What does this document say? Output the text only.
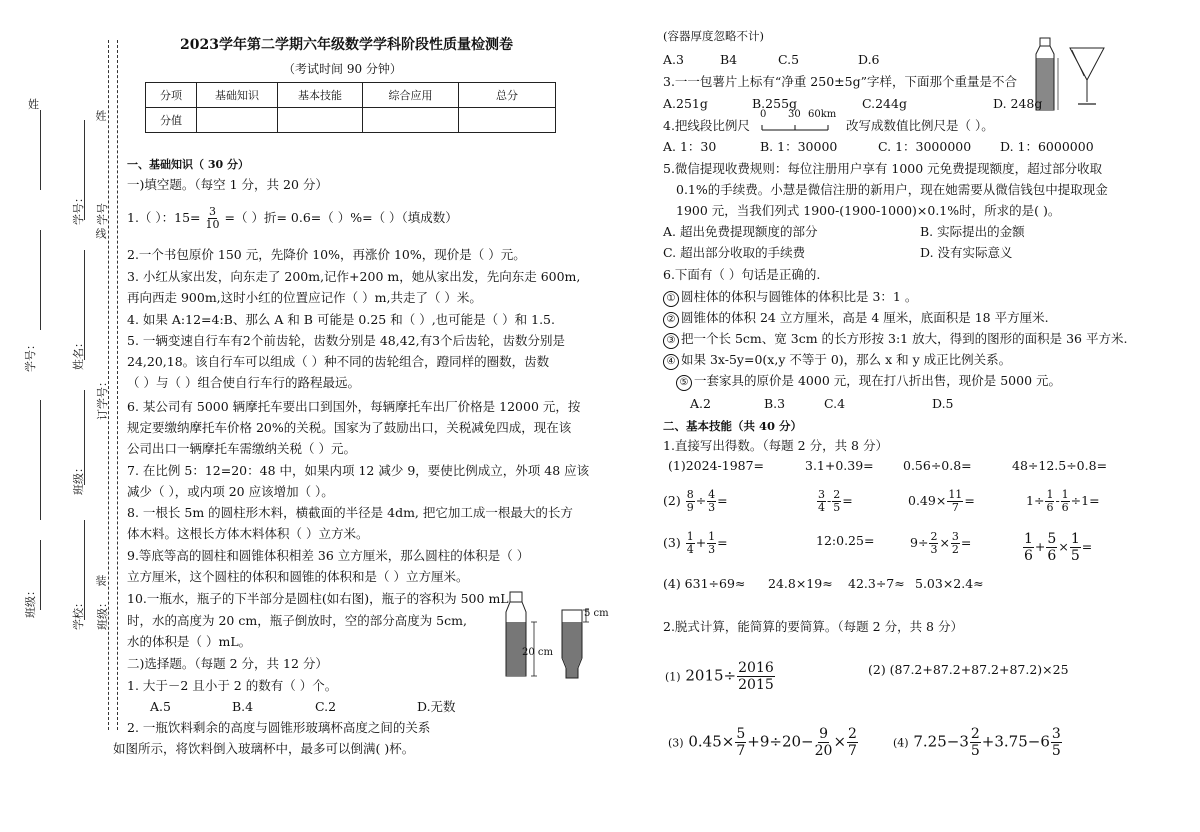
姓
学号：
班级：
学号：
姓名：
班级：
学校：
姓
学号
线
订学号：
装
班级：
2023学年第二学期六年级数学学科阶段性质量检测卷
（考试时间 90 分钟）
分项	基础知识	基本技能	综合应用	总分
分值				
一、基础知识（ 30 分）
一)填空题。（每空 1 分，共 20 分）
1.（ ）：$15= \frac{3}{10}$ =（ ）折= 0.6=（ ）%=（ ）（填成数）
2.一个书包原价 150 元，先降价 10%，再涨价 10%，现价是（ ）元。
3. 小红从家出发，向东走了 200m,记作+200 m，她从家出发，先向东走 600m,
再向西走 900m,这时小红的位置应记作（ ）m,共走了（ ）米。
4. 如果 A:12=4:B、那么 A 和 B 可能是 0.25 和（ ）,也可能是（ ）和 1.5.
5. 一辆变速自行车有2个前齿轮，齿数分别是 48,42,有3个后齿轮，齿数分别是
24,20,18。该自行车可以组成（ ）种不同的齿轮组合，蹬同样的圈数，齿数
（ ）与（ ）组合使自行车行的路程最远。
6. 某公司有 5000 辆摩托车要出口到国外，每辆摩托车出厂价格是 12000 元，按
规定要缴纳摩托车价格 20%的关税。国家为了鼓励出口，关税减免四成，现在该
公司出口一辆摩托车需缴纳关税（ ）元。
7. 在比例 5：12=20：48 中，如果内项 12 减少 9，要使比例成立，外项 48 应该
减少（ ），或内项 20 应该增加（ ）。
8. 一根长 5m 的圆柱形木料，横截面的半径是 4dm, 把它加工成一根最大的长方
体木料。这根长方体木料体积（ ）立方米。
9.等底等高的圆柱和圆锥体积相差 36 立方厘米，那么圆柱的体积是（ ）
立方厘米，这个圆柱的体积和圆锥的体积和是（ ）立方厘米。
10.一瓶水，瓶子的下半部分是圆柱(如右图)，瓶子的容积为 500 mL
时，水的高度为 20 cm，瓶子倒放时，空的部分高度为 5cm,
水的体积是（ ）mL。
20 cm
5 cm
二)选择题。（每题 2 分，共 12 分）
1. 大于－2 且小于 2 的数有（ ）个。
A.5	B.4	C.2	D.无数
2. 一瓶饮料剩余的高度与圆锥形玻璃杯高度之间的关系
如图所示，将饮料倒入玻璃杯中，最多可以倒满( )杯。
(容器厚度忽略不计)
A.3	B4	C.5	D.6
3.一一包薯片上标有“净重 250±5g”字样，下面那个重量是不合
A.251g	B.255g	C.244g	D. 248g
4.把线段比例尺
0 30 60km
改写成数值比例尺是（ ）。
A. 1：30	B. 1：30000	C. 1：3000000 D. 1：6000000
5.微信提现收费规则：每位注册用户享有 1000 元免费提现额度，超过部分收取
0.1%的手续费。小慧是微信注册的新用户，现在她需要从微信钱包中提取现金
1900 元，当我们列式 1900-(1900-1000)×0.1%时，所求的是( )。
A. 超出免费提现额度的部分	B. 实际提出的金额
C. 超出部分收取的手续费	D. 没有实际意义
6.下面有（ ）句话是正确的.
① 圆柱体的体积与圆锥体的体积比是 3：1 。
② 圆锥体的体积 24 立方厘米，高是 4 厘米，底面积是 18 平方厘米.
③ 把一个长 5cm、宽 3cm 的长方形按 3:1 放大，得到的图形的面积是 36 平方米.
④ 如果 3x-5y=0(x,y 不等于 0)，那么 x 和 y 成正比例关系。
⑤ 一套家具的原价是 4000 元，现在打八折出售，现价是 5000 元。
A.2	B.3	C.4	D.5
二、基本技能（共 40 分）
1.直接写出得数。（每题 2 分，共 8 分）
(1)2024-1987=	3.1+0.39= 0.56÷0.8=	48÷12.5÷0.8=
$(2) \frac{8}{9} \div \frac{4}{3}$ =	$\frac{3}{4} - \frac{2}{5}$ =	$0.49\times \frac{11}{7}$ =	$1\div \frac{1}{6} - \frac{1}{6} \div 1=$
$(3) \frac{1}{4} + \frac{1}{3}$ =	12:0.25=	$9\div \frac{2}{3} \times \frac{3}{2}$ =	$\frac{1}{6} + \frac{5}{6} \times \frac{1}{5}$ =
(4) 631÷69≈ 24.8×19≈ 42.3÷7≈ 5.03×2.4≈
2.脱式计算，能简算的要简算。（每题 2 分，共 8 分）
(1) $2015\div \frac{2016}{2015}$	(2) (87.2+87.2+87.2+87.2)×25
(3) $0.45\times \frac{5}{7} +9\div 20- \frac{9}{20} \times \frac{2}{7}$	(4) $7.25-3 \frac{2}{5} +3.75-6 \frac{3}{5}$
